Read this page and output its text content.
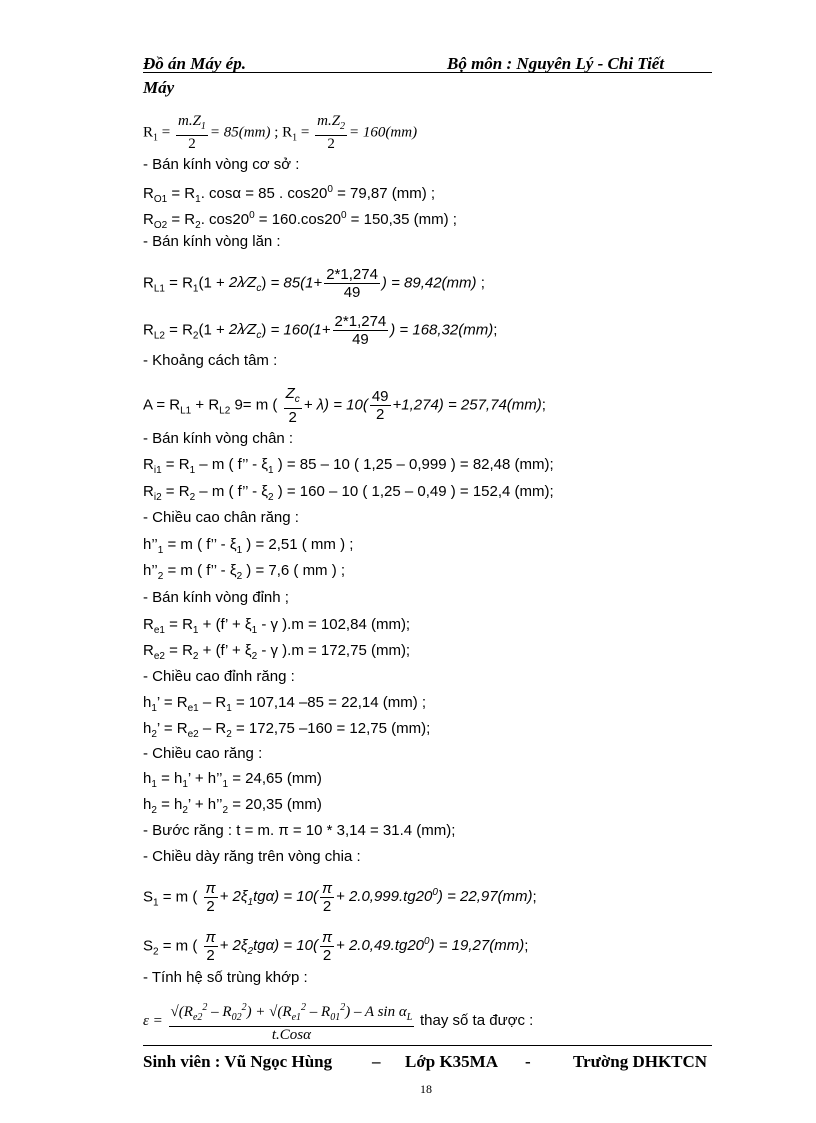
Đồ án Máy ép.	Bộ môn : Nguyên Lý - Chi Tiết
Máy
$R_1 = \frac{m.Z_1}{2} = 85(mm)$ ; $R_1 = \frac{m.Z_2}{2} = 160(mm)$
- Bán kính vòng cơ sở :
$R_{O1} = R_1$. cosα = 85 . $\cos 20^0 = 79,87$ (mm) ;
$R_{O2} = R_2$. $\cos 20^0 = 160.\cos 20^0 = 150,35$ (mm) ;
- Bán kính vòng lăn :
$R_{L1} = R_1(1$ + $2\lambda⁄Z_c) = 85(1+ \frac{2*1,274}{49}$ ) = 89,42(mm) ;
$R_{L2} = R_2(1$ + $2\lambda⁄Z_c) = 160(1+ \frac{2*1,274}{49}$ ) = 168,32(mm);
- Khoảng cách tâm :
$A = R_{L1} + R_{L2}$ 9= m ( $\frac{Z_c}{2} + \lambda) = 10( \frac{49}{2} +1,274) = 257,74(mm)$;
- Bán kính vòng chân :
$R_{i1} = R_1 - m$ ( f’’ - $\xi_1$ ) = 85 – 10 ( 1,25 – 0,999 ) = 82,48 (mm);
$R_{i2} = R_2 - m$ ( f’’ - $\xi_2$ ) = 160 – 10 ( 1,25 – 0,49 ) = 152,4 (mm);
- Chiều cao chân răng :
$h’’_1 = m$ ( f’’ - $\xi_1$ ) = 2,51 ( mm ) ;
$h’’_2 = m$ ( f’’ - $\xi_2$ ) = 7,6 ( mm ) ;
- Bán kính vòng đỉnh ;
$R_{e1} = R_1 + (f$’ + $\xi_1$ - γ ).m = 102,84 (mm);
$R_{e2} = R_2 + (f$’ + $\xi_2$ - γ ).m = 172,75 (mm);
- Chiều cao đỉnh răng :
$h_1$’ = $R_{e1} - R_1 = 107,14$ –85 = 22,14 (mm) ;
$h_2$’ = $R_{e2} - R_2 = 172,75$ –160 = 12,75 (mm);
- Chiều cao răng :
$h_1 = h_1$’ + $h’’_1 = 24,65$ (mm)
$h_2 = h_2$’ + $h’’_2 = 20,35$ (mm)
- Bước răng : t = m. π = 10 * 3,14 = 31.4 (mm);
- Chiều dày răng trên vòng chia :
$S_1 = m$ ( $\frac{\pi}{2} + 2\xi_1tg\alpha) = 10( \frac{\pi}{2} + 2.0,999.tg20^0) = 22,97(mm)$;
$S_2 = m$ ( $\frac{\pi}{2} + 2\xi_2tg\alpha) = 10( \frac{\pi}{2} + 2.0,49.tg20^0) = 19,27(mm)$;
- Tính hệ số trùng khớp :
$\varepsilon = \frac{√(R_{e2}^2 - R_{02}^2) + √(R_{e1}^2 - R_{01}^2) - A \sin \alpha_L}{\text{t.Cosα}}$ thay số ta được :
Sinh viên : Vũ Ngọc Hùng – Lớp K35MA - Trường DHKTCN
18
